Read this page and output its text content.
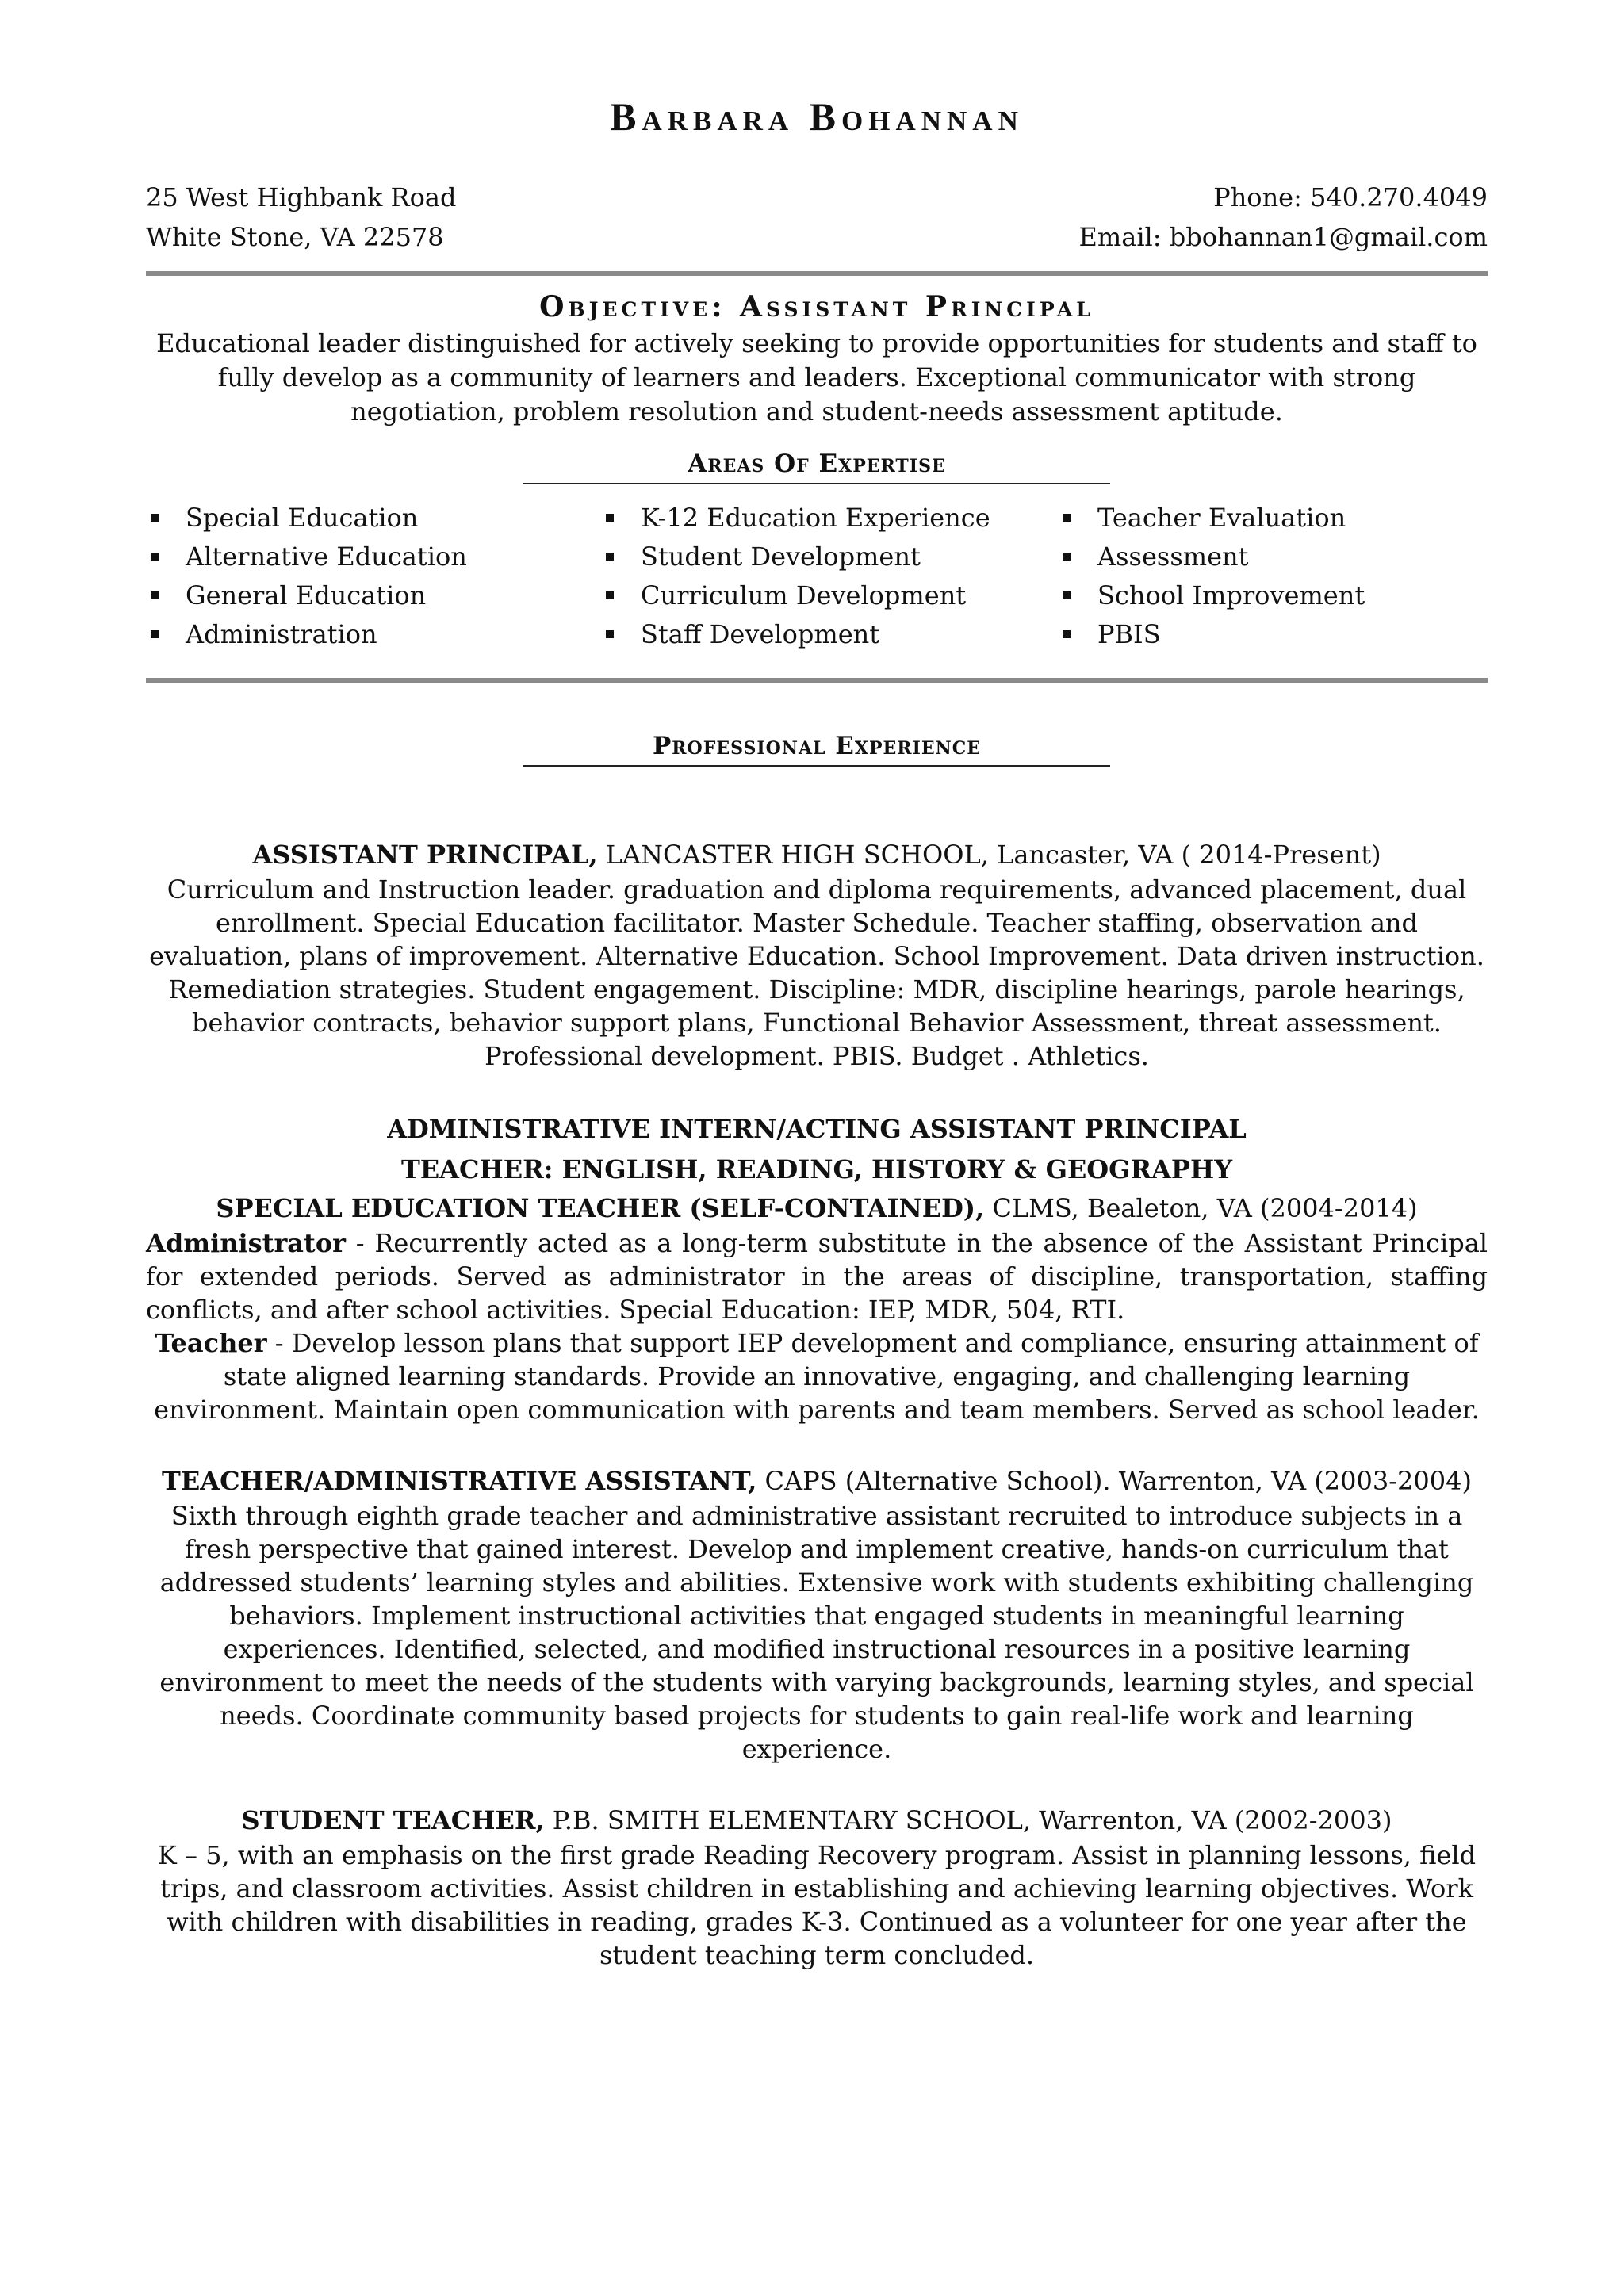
Barbara Bohannan
25 West Highbank Road
White Stone, VA 22578
Phone: 540.270.4049
Email: bbohannan1@gmail.com
Objective: Assistant Principal

Educational leader distinguished for actively seeking to provide opportunities for students and staff to fully develop as a community of learners and leaders. Exceptional communicator with strong negotiation, problem resolution and student-needs assessment aptitude.

Areas Of Expertise
Special Education
Alternative Education
General Education
Administration
K-12 Education Experience
Student Development
Curriculum Development
Staff Development
Teacher Evaluation
Assessment
School Improvement
PBIS
Professional Experience
ASSISTANT PRINCIPAL, LANCASTER HIGH SCHOOL, Lancaster, VA ( 2014-Present)

Curriculum and Instruction leader. graduation and diploma requirements, advanced placement, dual enrollment. Special Education facilitator. Master Schedule. Teacher staffing, observation and evaluation, plans of improvement. Alternative Education. School Improvement. Data driven instruction. Remediation strategies. Student engagement. Discipline: MDR, discipline hearings, parole hearings, behavior contracts, behavior support plans, Functional Behavior Assessment, threat assessment. Professional development. PBIS. Budget . Athletics.

ADMINISTRATIVE INTERN/ACTING ASSISTANT PRINCIPAL
TEACHER: ENGLISH, READING, HISTORY & GEOGRAPHY
SPECIAL EDUCATION TEACHER (SELF-CONTAINED), CLMS, Bealeton, VA (2004-2014)

Administrator - Recurrently acted as a long-term substitute in the absence of the Assistant Principal for extended periods. Served as administrator in the areas of discipline, transportation, staffing conflicts, and after school activities. Special Education: IEP, MDR, 504, RTI.

Teacher - Develop lesson plans that support IEP development and compliance, ensuring attainment of state aligned learning standards. Provide an innovative, engaging, and challenging learning environment. Maintain open communication with parents and team members. Served as school leader.

TEACHER/ADMINISTRATIVE ASSISTANT, CAPS (Alternative School). Warrenton, VA (2003-2004)

Sixth through eighth grade teacher and administrative assistant recruited to introduce subjects in a fresh perspective that gained interest. Develop and implement creative, hands-on curriculum that addressed students’ learning styles and abilities. Extensive work with students exhibiting challenging behaviors. Implement instructional activities that engaged students in meaningful learning experiences. Identified, selected, and modified instructional resources in a positive learning environment to meet the needs of the students with varying backgrounds, learning styles, and special needs. Coordinate community based projects for students to gain real-life work and learning experience.

STUDENT TEACHER, P.B. SMITH ELEMENTARY SCHOOL, Warrenton, VA (2002-2003)

K – 5, with an emphasis on the first grade Reading Recovery program. Assist in planning lessons, field trips, and classroom activities. Assist children in establishing and achieving learning objectives. Work with children with disabilities in reading, grades K-3. Continued as a volunteer for one year after the student teaching term concluded.
